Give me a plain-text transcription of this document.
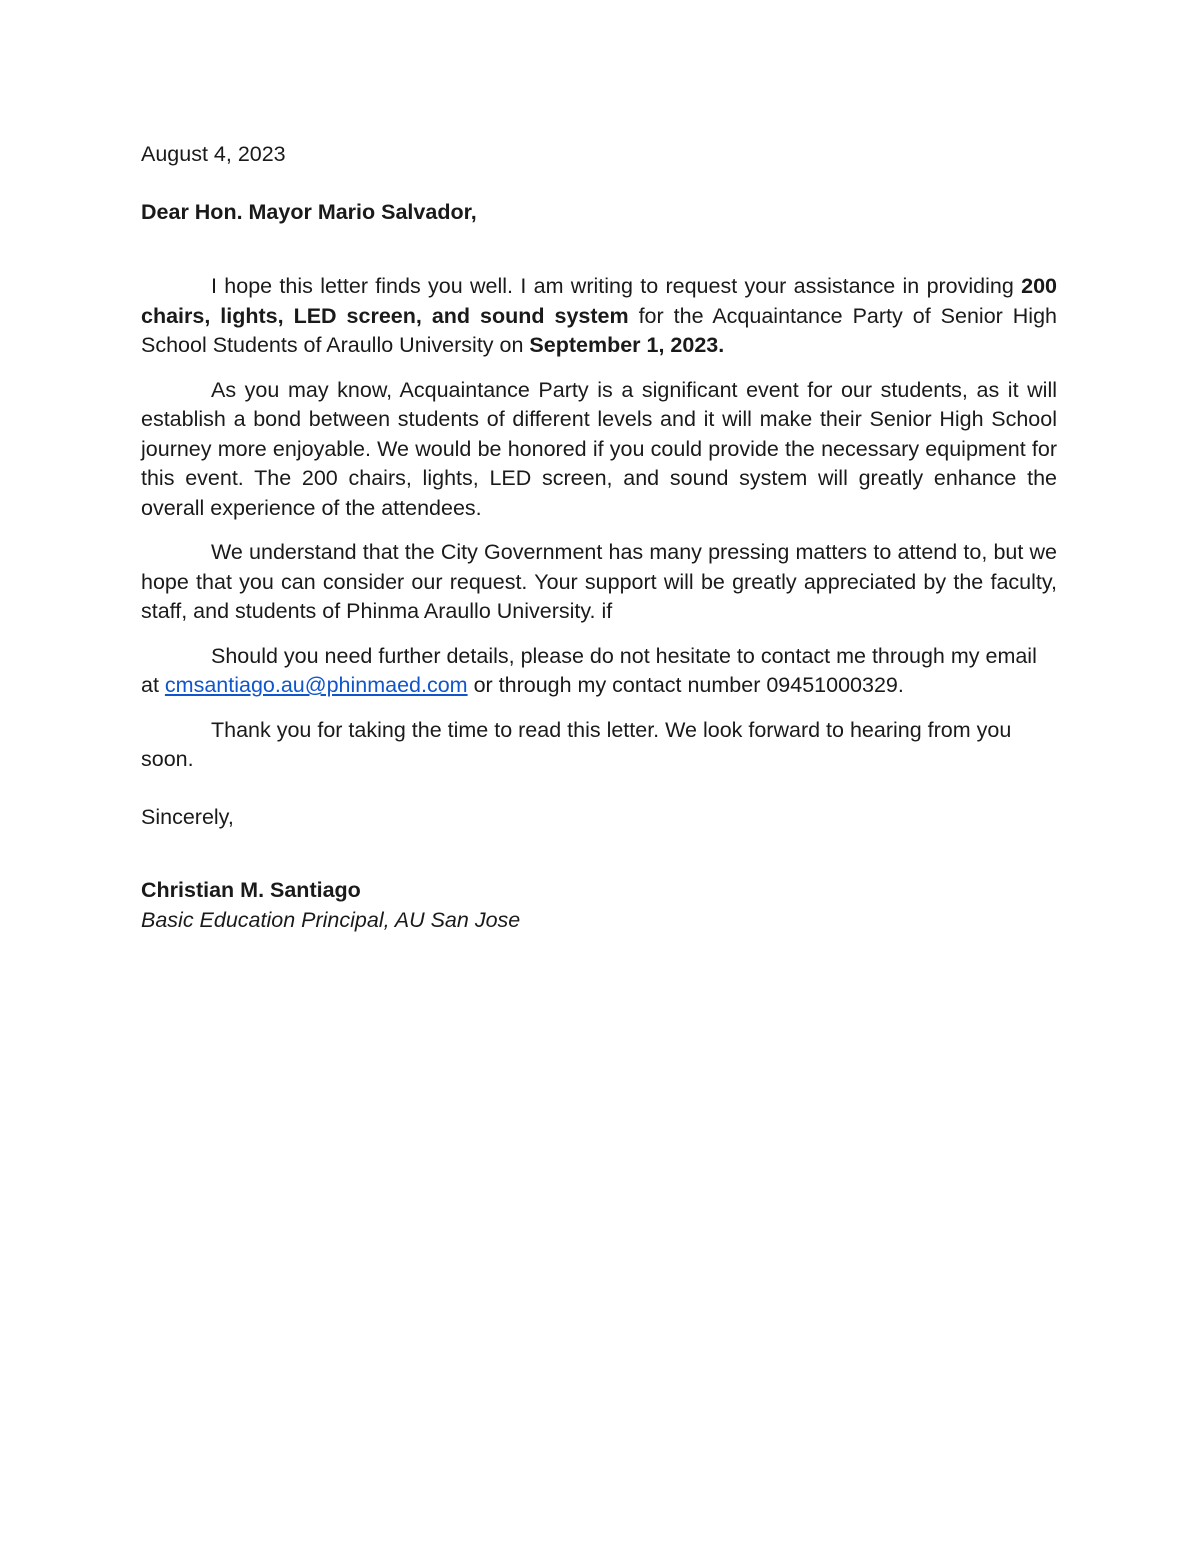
August 4, 2023

Dear Hon. Mayor Mario Salvador,

I hope this letter finds you well. I am writing to request your assistance in providing 200 chairs, lights, LED screen, and sound system for the Acquaintance Party of Senior High School Students of Araullo University on September 1, 2023.

As you may know, Acquaintance Party is a significant event for our students, as it will establish a bond between students of different levels and it will make their Senior High School journey more enjoyable. We would be honored if you could provide the necessary equipment for this event. The 200 chairs, lights, LED screen, and sound system will greatly enhance the overall experience of the attendees.

We understand that the City Government has many pressing matters to attend to, but we hope that you can consider our request. Your support will be greatly appreciated by the faculty, staff, and students of Phinma Araullo University. if

Should you need further details, please do not hesitate to contact me through my email at cmsantiago.au@phinmaed.com or through my contact number 09451000329.

Thank you for taking the time to read this letter. We look forward to hearing from you soon.

Sincerely,

Christian M. Santiago

Basic Education Principal, AU San Jose
